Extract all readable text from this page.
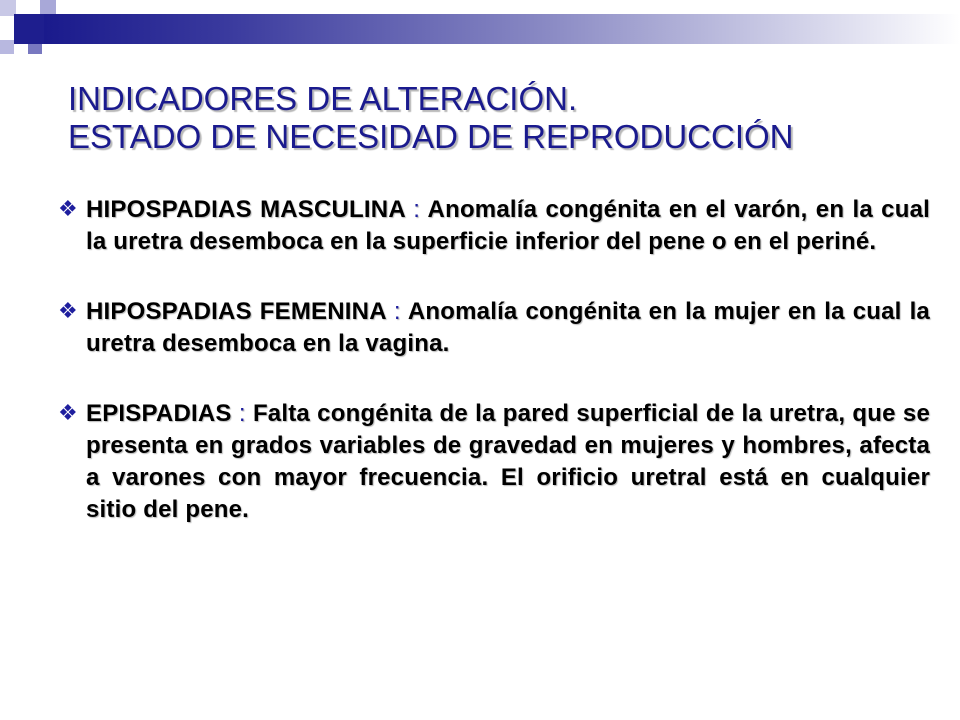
INDICADORES DE ALTERACIÓN.
ESTADO DE NECESIDAD DE REPRODUCCIÓN
❖ HIPOSPADIAS MASCULINA : Anomalía congénita en el varón, en la cual la uretra desemboca en la superficie inferior del pene o en el periné.
❖ HIPOSPADIAS FEMENINA : Anomalía congénita en la mujer en la cual la uretra desemboca en la vagina.
❖ EPISPADIAS : Falta congénita de la pared superficial de la uretra, que se presenta en grados variables de gravedad en mujeres y hombres, afecta a varones con mayor frecuencia. El orificio uretral está en cualquier sitio del pene.
